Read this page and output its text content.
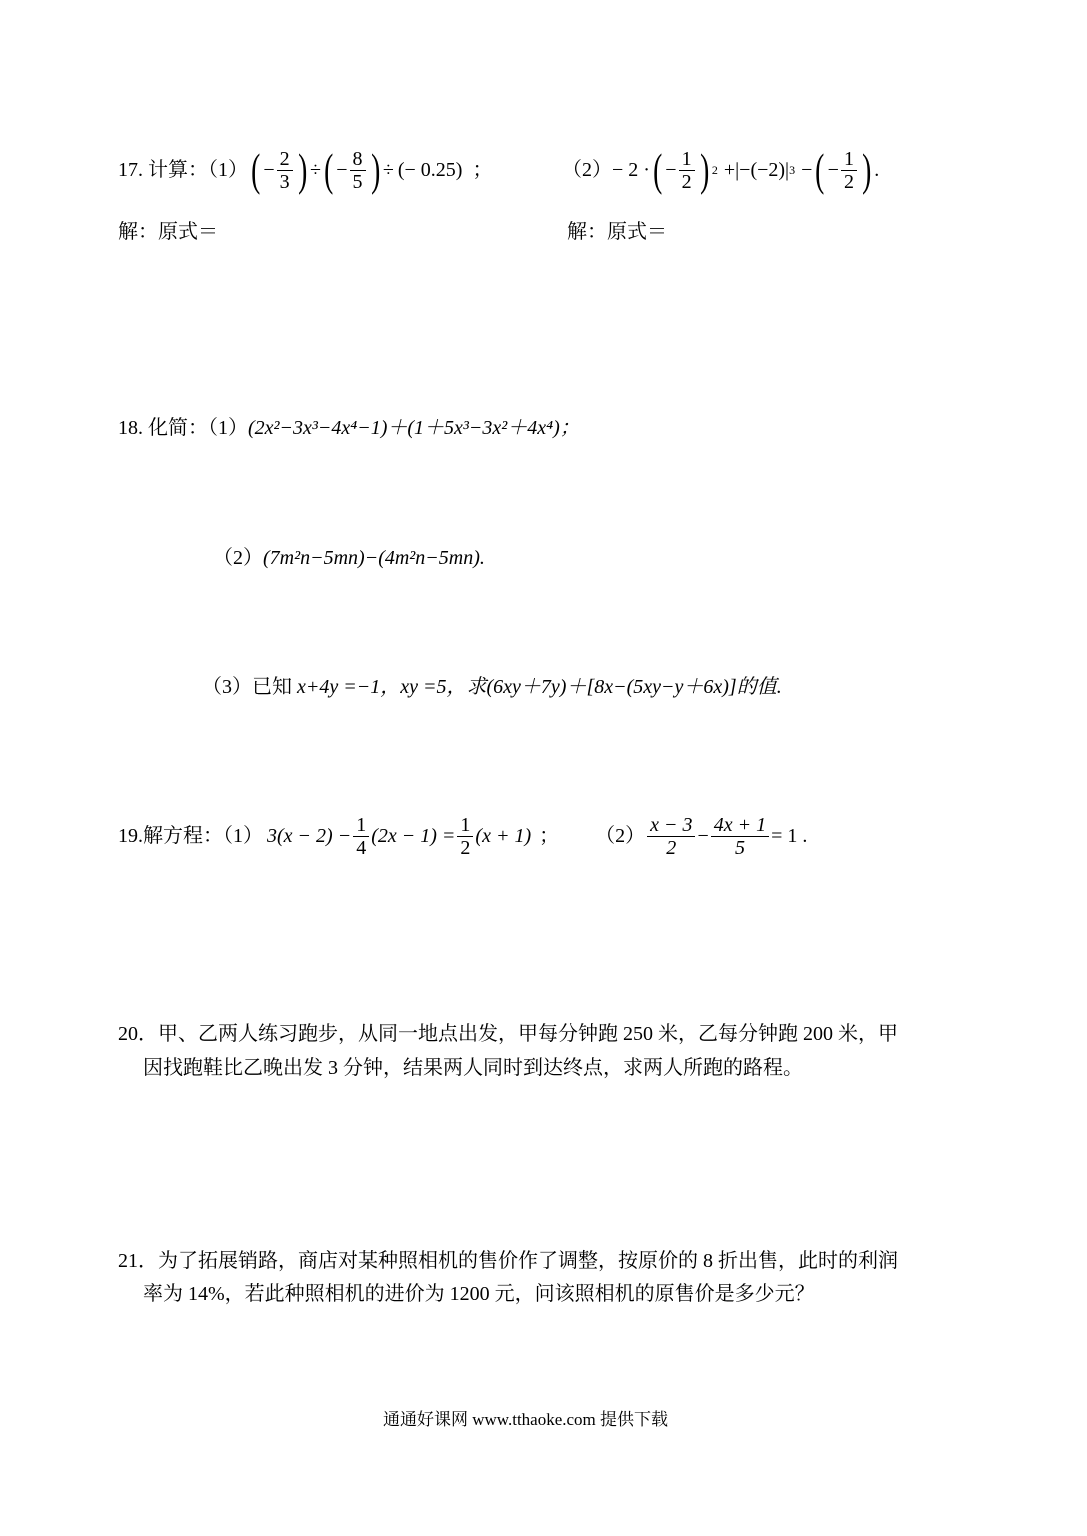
17. 计算：（1） ( − $\frac{2}{3}$ ) ÷ ( − $\frac{8}{5}$ ) ÷ (− 0.25) ；	（2） − 2 · ( − $\frac{1}{2}$ ) 2 + |−(−2)| 3 − ( − $\frac{1}{2}$ ) .
解：原式＝	解：原式＝
18. 化简：（1）(2x²−3x³−4x⁴−1)＋(1＋5x³−3x²＋4x⁴)；
（2）(7m²n−5mn)−(4m²n−5mn).
（3）已知 x+4y =−1，xy =5，求(6xy＋7y)＋[8x−(5xy−y＋6x)]的值.
19.解方程：（1） $3(x - 2) - \frac{1}{4} (2x - 1) = \frac{1}{2} (x + 1)$ ； $(2) \frac{x - 3}{2} - \frac{4x + 1}{5} = 1$ .
20．甲、乙两人练习跑步，从同一地点出发，甲每分钟跑 250 米，乙每分钟跑 200 米，甲
因找跑鞋比乙晚出发 3 分钟，结果两人同时到达终点，求两人所跑的路程。
21．为了拓展销路，商店对某种照相机的售价作了调整，按原价的 8 折出售，此时的利润
率为 14%，若此种照相机的进价为 1200 元，问该照相机的原售价是多少元？
通通好课网 www.tthaoke.com 提供下载
